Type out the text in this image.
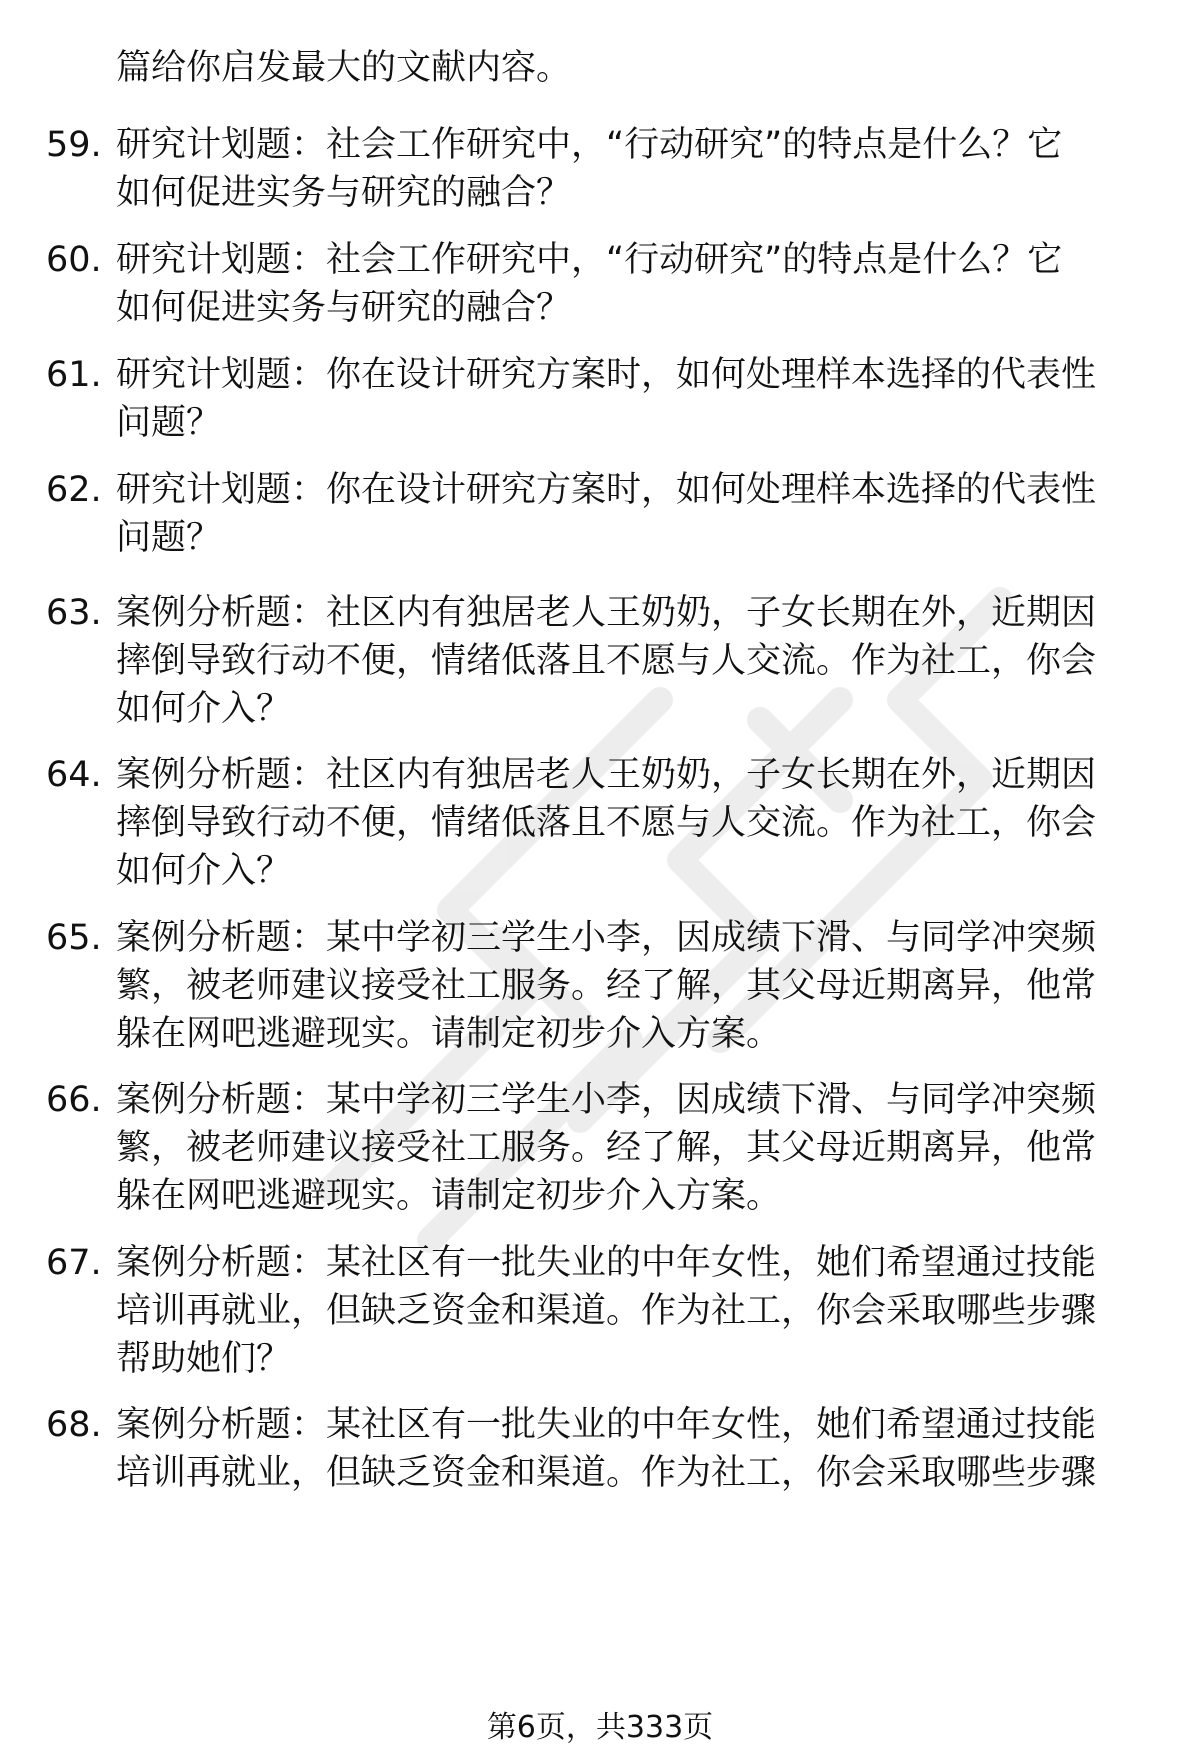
篇给你启发最大的文献内容。
59. 研究计划题：社会工作研究中，“行动研究”的特点是什么？它
如何促进实务与研究的融合？
60. 研究计划题：社会工作研究中，“行动研究”的特点是什么？它
如何促进实务与研究的融合？
61. 研究计划题：你在设计研究方案时，如何处理样本选择的代表性
问题？
62. 研究计划题：你在设计研究方案时，如何处理样本选择的代表性
问题？
63. 案例分析题：社区内有独居老人王奶奶，子女长期在外，近期因
摔倒导致行动不便，情绪低落且不愿与人交流。作为社工，你会
如何介入？
64. 案例分析题：社区内有独居老人王奶奶，子女长期在外，近期因
摔倒导致行动不便，情绪低落且不愿与人交流。作为社工，你会
如何介入？
65. 案例分析题：某中学初三学生小李，因成绩下滑、与同学冲突频
繁，被老师建议接受社工服务。经了解，其父母近期离异，他常
躲在网吧逃避现实。请制定初步介入方案。
66. 案例分析题：某中学初三学生小李，因成绩下滑、与同学冲突频
繁，被老师建议接受社工服务。经了解，其父母近期离异，他常
躲在网吧逃避现实。请制定初步介入方案。
67. 案例分析题：某社区有一批失业的中年女性，她们希望通过技能
培训再就业，但缺乏资金和渠道。作为社工，你会采取哪些步骤
帮助她们？
68. 案例分析题：某社区有一批失业的中年女性，她们希望通过技能
培训再就业，但缺乏资金和渠道。作为社工，你会采取哪些步骤
第6页，共333页
